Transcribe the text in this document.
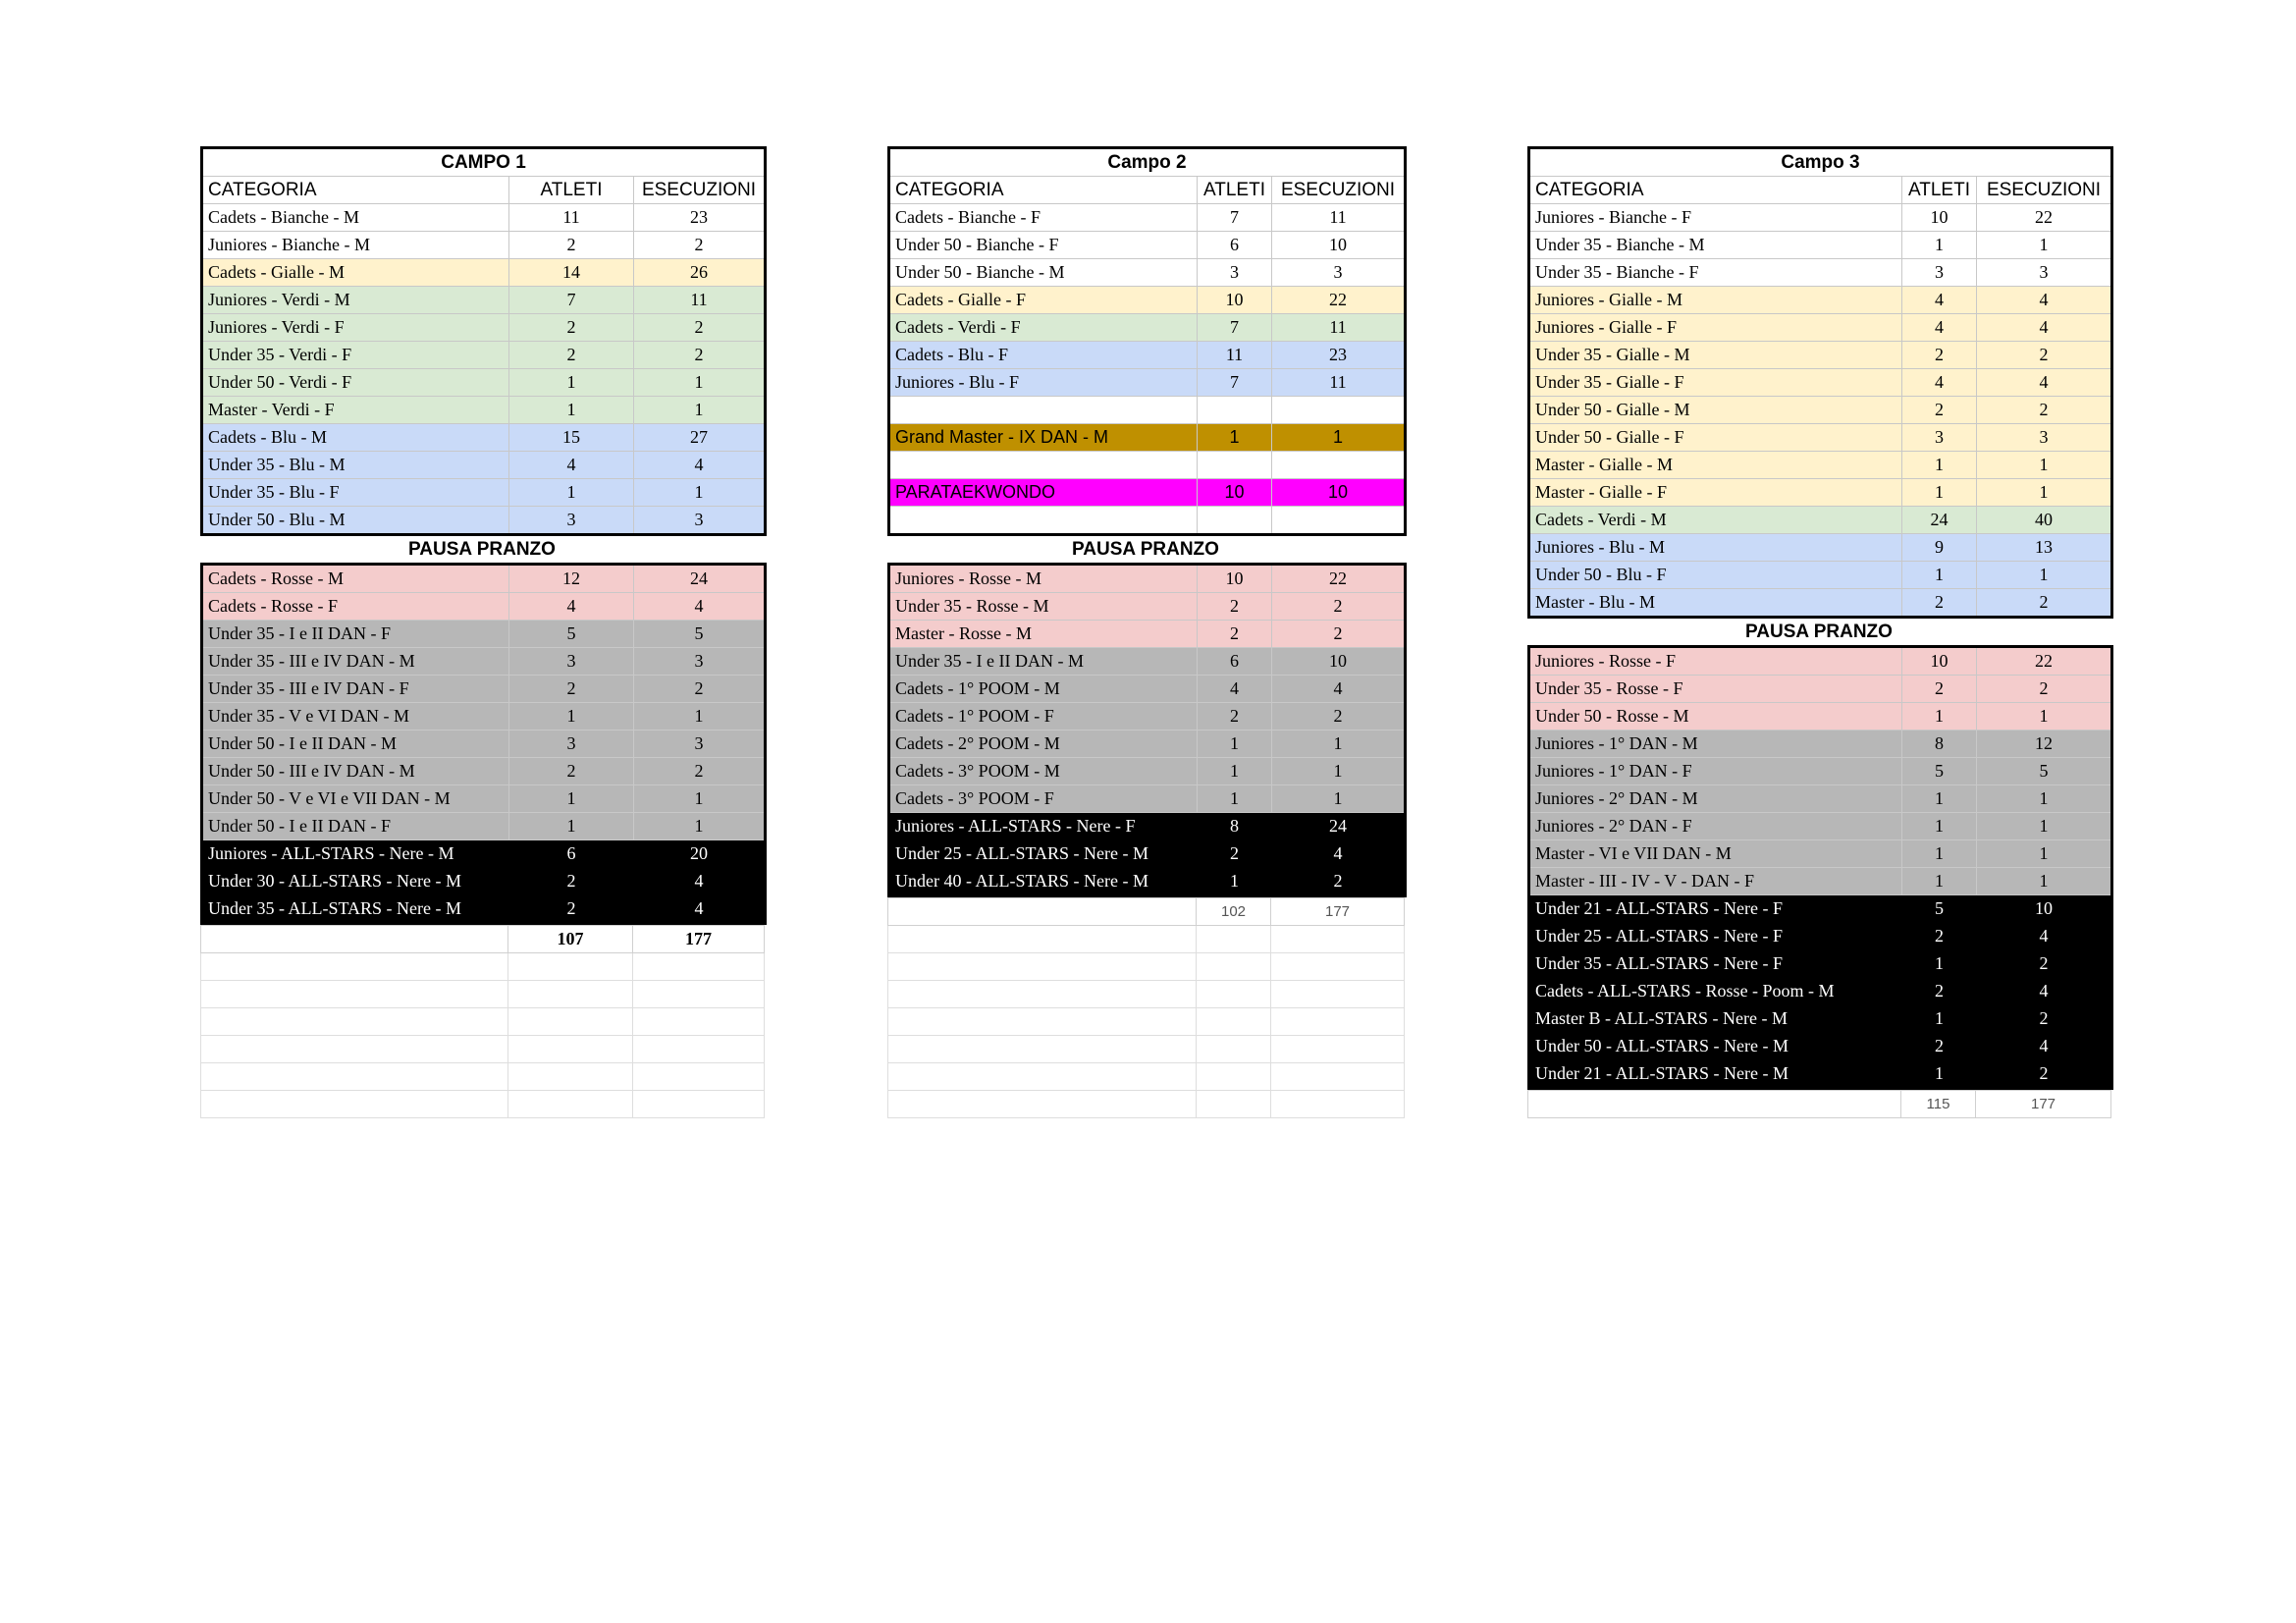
CAMPO 1		
CATEGORIA	ATLETI	ESECUZIONI
Cadets - Bianche - M	11	23
Juniores - Bianche - M	2	2
Cadets - Gialle - M	14	26
Juniores - Verdi - M	7	11
Juniores - Verdi - F	2	2
Under 35 - Verdi - F	2	2
Under 50 - Verdi - F	1	1
Master - Verdi - F	1	1
Cadets - Blu - M	15	27
Under 35 - Blu - M	4	4
Under 35 - Blu - F	1	1
Under 50 - Blu - M	3	3
PAUSA PRANZO
Cadets - Rosse - M	12	24
Cadets - Rosse - F	4	4
Under 35 - I e II DAN - F	5	5
Under 35 - III e IV DAN - M	3	3
Under 35 - III e IV DAN - F	2	2
Under 35 - V e VI DAN - M	1	1
Under 50 - I e II DAN - M	3	3
Under 50 - III e IV DAN - M	2	2
Under 50 - V e VI e VII DAN - M	1	1
Under 50 - I e II DAN - F	1	1
Juniores - ALL-STARS - Nere - M	6	20
Under 30 - ALL-STARS - Nere - M	2	4
Under 35 - ALL-STARS - Nere - M	2	4
	107	177

Campo 2		
CATEGORIA	ATLETI	ESECUZIONI
Cadets - Bianche - F	7	11
Under 50 - Bianche - F	6	10
Under 50 - Bianche - M	3	3
Cadets - Gialle - F	10	22
Cadets - Verdi - F	7	11
Cadets - Blu - F	11	23
Juniores - Blu - F	7	11

Grand Master - IX DAN - M	1	1

PARATAEKWONDO	10	10

PAUSA PRANZO
Juniores - Rosse - M	10	22
Under 35 - Rosse - M	2	2
Master - Rosse - M	2	2
Under 35 - I e II DAN - M	6	10
Cadets - 1° POOM - M	4	4
Cadets - 1° POOM - F	2	2
Cadets - 2° POOM - M	1	1
Cadets - 3° POOM - M	1	1
Cadets - 3° POOM - F	1	1
Juniores - ALL-STARS - Nere - F	8	24
Under 25 - ALL-STARS - Nere - M	2	4
Under 40 - ALL-STARS - Nere - M	1	2
	102	177

Campo 3		
CATEGORIA	ATLETI	ESECUZIONI
Juniores - Bianche - F	10	22
Under 35 - Bianche - M	1	1
Under 35 - Bianche - F	3	3
Juniores - Gialle - M	4	4
Juniores - Gialle - F	4	4
Under 35 - Gialle - M	2	2
Under 35 - Gialle - F	4	4
Under 50 - Gialle - M	2	2
Under 50 - Gialle - F	3	3
Master - Gialle - M	1	1
Master - Gialle - F	1	1
Cadets - Verdi - M	24	40
Juniores - Blu - M	9	13
Under 50 - Blu - F	1	1
Master - Blu - M	2	2
PAUSA PRANZO
Juniores - Rosse - F	10	22
Under 35 - Rosse - F	2	2
Under 50 - Rosse - M	1	1
Juniores - 1° DAN - M	8	12
Juniores - 1° DAN - F	5	5
Juniores - 2° DAN - M	1	1
Juniores - 2° DAN - F	1	1
Master - VI e VII DAN - M	1	1
Master - III - IV - V - DAN - F	1	1
Under 21 - ALL-STARS - Nere - F	5	10
Under 25 - ALL-STARS - Nere - F	2	4
Under 35 - ALL-STARS - Nere - F	1	2
Cadets - ALL-STARS - Rosse - Poom - M	2	4
Master B - ALL-STARS - Nere - M	1	2
Under 50 - ALL-STARS - Nere - M	2	4
Under 21 - ALL-STARS - Nere - M	1	2
	115	177
